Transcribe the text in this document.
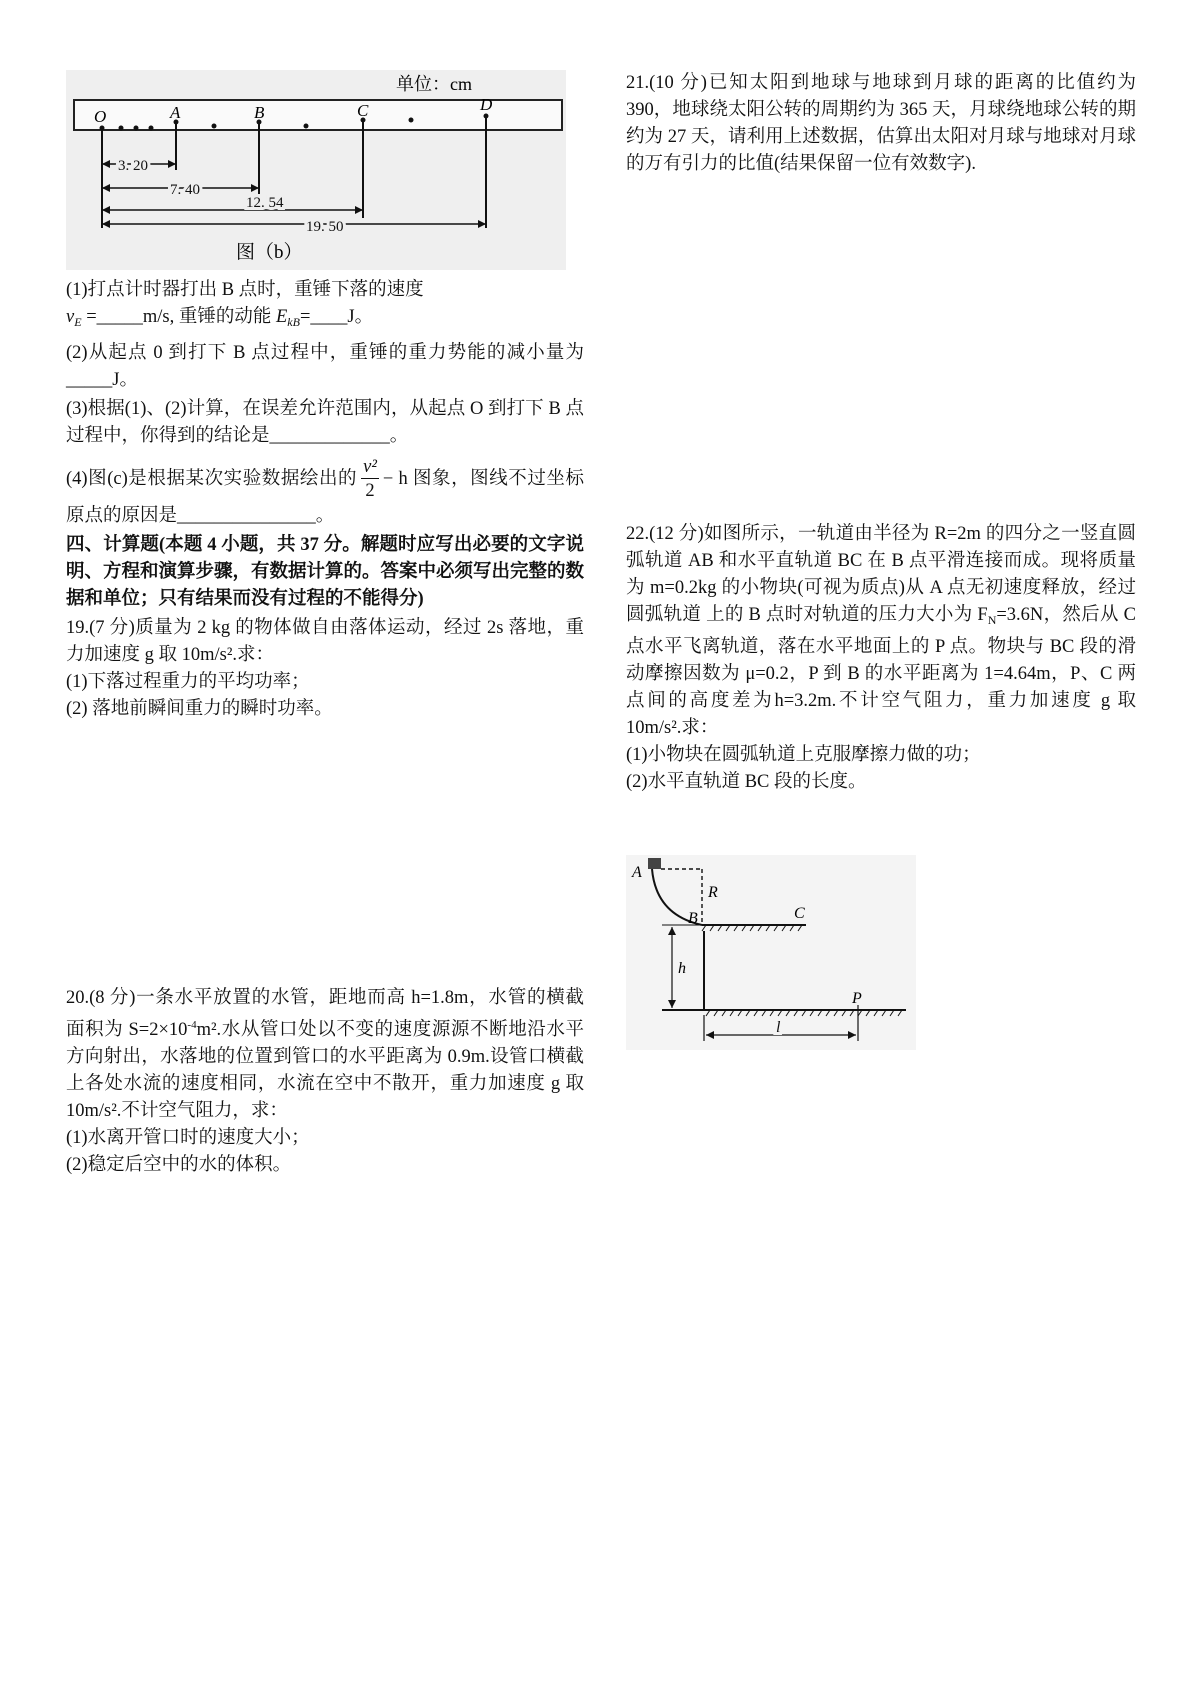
单位：cm
O	A	B	C	D
3. 20
7. 40
12. 54
19. 50
图（b）

(1)打点计时器打出 B 点时，重锤下落的速度
$v_E$ =_____m/s, 重锤的动能 $E_{kB}=\_\_\_\_J$。

(2)从起点 0 到打下 B 点过程中，重锤的重力势能的减小量为_____J。

(3)根据(1)、(2)计算，在误差允许范围内，从起点 O 到打下 B 点过程中，你得到的结论是_____________。

(4)图(c)是根据某次实验数据绘出的 $\frac{\text{v²}}{2} - h$ 图象，图线不过坐标原点的原因是_______________。

四、计算题(本题 4 小题，共 37 分。解题时应写出必要的文字说明、方程和演算步骤，有数据计算的。答案中必须写出完整的数据和单位；只有结果而没有过程的不能得分)

19.(7 分)质量为 2 kg 的物体做自由落体运动，经过 2s 落地，重力加速度 g 取 10m/s².求：

(1)下落过程重力的平均功率；

(2) 落地前瞬间重力的瞬时功率。

20.(8 分)一条水平放置的水管，距地而高 h=1.8m，水管的横截面积为 $S=2\times 10^{-4}m^2$.水从管口处以不变的速度源源不断地沿水平方向射出，水落地的位置到管口的水平距离为 0.9m.设管口横截上各处水流的速度相同，水流在空中不散开，重力加速度 g 取 10m/s².不计空气阻力，求：

(1)水离开管口时的速度大小；

(2)稳定后空中的水的体积。

21.(10 分)已知太阳到地球与地球到月球的距离的比值约为 390，地球绕太阳公转的周期约为 365 天，月球绕地球公转的期约为 27 天，请利用上述数据，估算出太阳对月球与地球对月球的万有引力的比值(结果保留一位有效数字).

22.(12 分)如图所示，一轨道由半径为 R=2m 的四分之一竖直圆弧轨道 AB 和水平直轨道 BC 在 B 点平滑连接而成。现将质量为 m=0.2kg 的小物块(可视为质点)从 A 点无初速度释放，经过圆弧轨道 上的 B 点时对轨道的压力大小为 $F_N=3.6N$，然后从 C 点水平飞离轨道，落在水平地面上的 P 点。物块与 BC 段的滑动摩擦因数为 μ=0.2，P 到 B 的水平距离为 1=4.64m，P、C 两点间的高度差为h=3.2m.不计空气阻力，重力加速度 g 取 10m/s².求：

(1)小物块在圆弧轨道上克服摩擦力做的功；

(2)水平直轨道 BC 段的长度。

A
R
B	C
h
P
l
